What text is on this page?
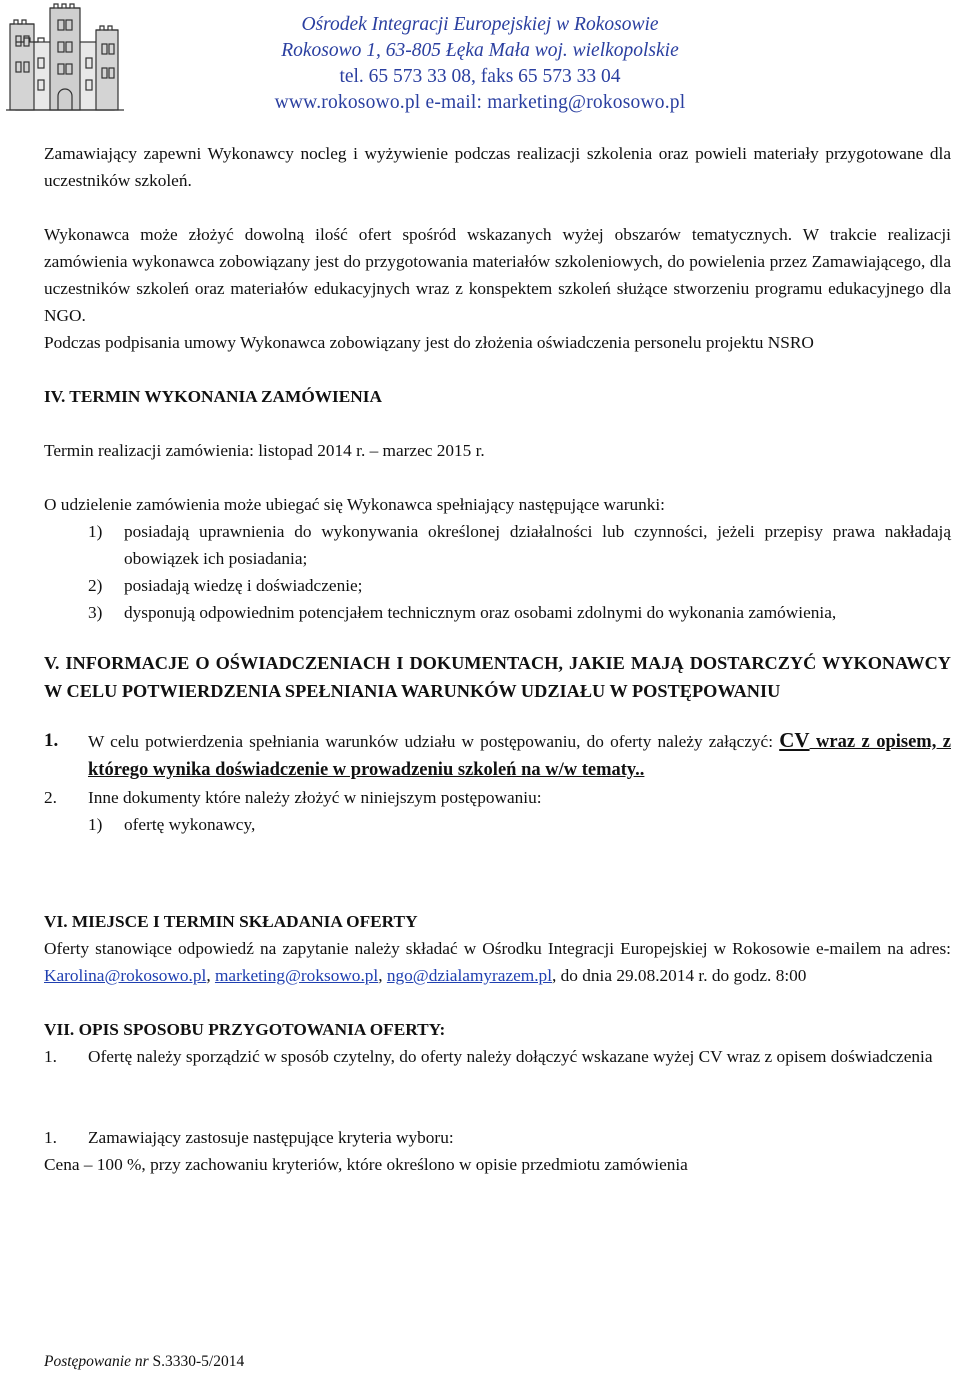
Ośrodek Integracji Europejskiej w Rokosowie
Rokosowo 1, 63-805 Łęka Mała woj. wielkopolskie
tel. 65 573 33 08, faks 65 573 33 04
www.rokosowo.pl e-mail: marketing@rokosowo.pl

Zamawiający zapewni Wykonawcy nocleg i wyżywienie podczas realizacji szkolenia oraz powieli materiały przygotowane dla uczestników szkoleń.

Wykonawca może złożyć dowolną ilość ofert spośród wskazanych wyżej obszarów tematycznych. W trakcie realizacji zamówienia wykonawca zobowiązany jest do przygotowania materiałów szkoleniowych, do powielenia przez Zamawiającego, dla uczestników szkoleń oraz materiałów edukacyjnych wraz z konspektem szkoleń służące stworzeniu programu edukacyjnego dla NGO.

Podczas podpisania umowy Wykonawca zobowiązany jest do złożenia oświadczenia personelu projektu NSRO

IV. TERMIN WYKONANIA ZAMÓWIENIA

Termin realizacji zamówienia: listopad 2014 r. – marzec 2015 r.

O udzielenie zamówienia może ubiegać się Wykonawca spełniający następujące warunki:

1)	posiadają uprawnienia do wykonywania określonej działalności lub czynności, jeżeli przepisy prawa nakładają obowiązek ich posiadania;
2)	posiadają wiedzę i doświadczenie;
3)	dysponują odpowiednim potencjałem technicznym oraz osobami zdolnymi do wykonania zamówienia,

V. INFORMACJE O OŚWIADCZENIACH I DOKUMENTACH, JAKIE MAJĄ DOSTARCZYĆ WYKONAWCY W CELU POTWIERDZENIA SPEŁNIANIA WARUNKÓW UDZIAŁU W POSTĘPOWANIU

1.	W celu potwierdzenia spełniania warunków udziału w postępowaniu, do oferty należy załączyć: CV wraz z opisem, z którego wynika doświadczenie w prowadzeniu szkoleń na w/w tematy..
2.	Inne dokumenty które należy złożyć w niniejszym postępowaniu:
1)	ofertę wykonawcy,

VI. MIEJSCE I TERMIN SKŁADANIA OFERTY

Oferty stanowiące odpowiedź na zapytanie należy składać w Ośrodku Integracji Europejskiej w Rokosowie e-mailem na adres: Karolina@rokosowo.pl, marketing@roksowo.pl, ngo@dzialamyrazem.pl, do dnia 29.08.2014 r. do godz. 8:00

VII. OPIS SPOSOBU PRZYGOTOWANIA OFERTY:

1.	Ofertę należy sporządzić w sposób czytelny, do oferty należy dołączyć wskazane wyżej CV wraz z opisem doświadczenia
1.	Zamawiający zastosuje następujące kryteria wyboru:

Cena – 100 %, przy zachowaniu kryteriów, które określono w opisie przedmiotu zamówienia

Postępowanie nr S.3330-5/2014
